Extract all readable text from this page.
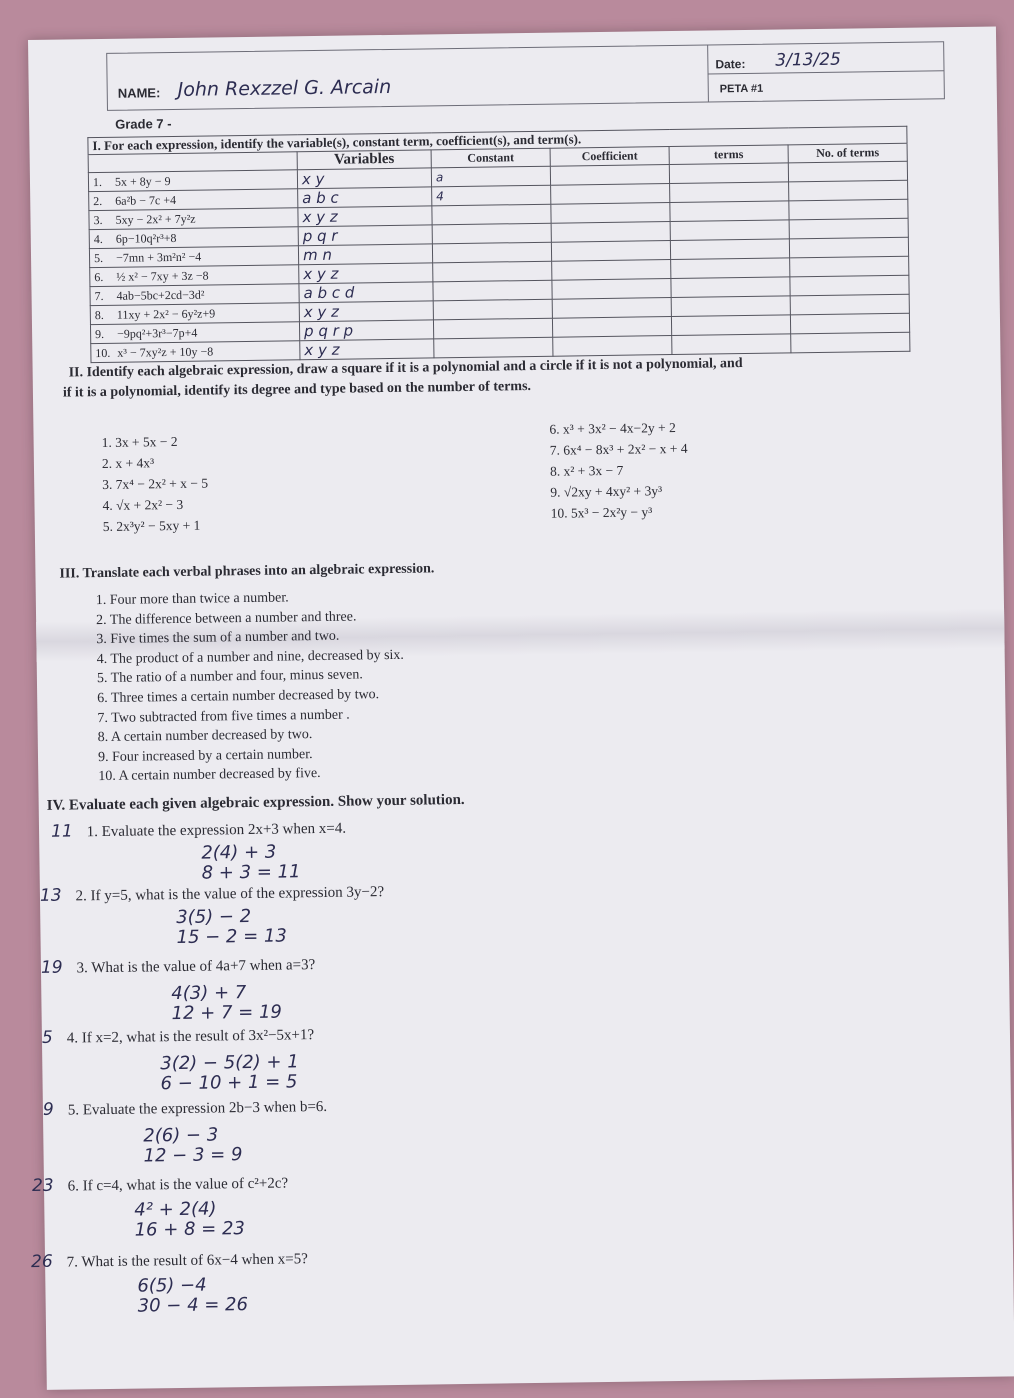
NAME: John Rexzzel G. Arcain
Date: 3/13/25
PETA #1
Grade 7 -
I. For each expression, identify the variable(s), constant term, coefficient(s), and term(s).					
	Variables	Constant	Coefficient	terms	No. of terms
1. 5x + 8y − 9	x y	a			
2. 6a²b − 7c +4	a b c	4			
3. 5xy − 2x² + 7y²z	x y z				
4. 6p−10q²r³+8	p q r				
5. −7mn + 3m²n² −4	m n				
6. ½ x² − 7xy + 3z −8	x y z				
7. 4ab−5bc+2cd−3d²	a b c d				
8. 11xy + 2x² − 6y²z+9	x y z				
9. −9pq²+3r³−7p+4	p q r p				
10. x³ − 7xy²z + 10y −8	x y z				
II. Identify each algebraic expression, draw a square if it is a polynomial and a circle if it is not a polynomial, and
if it is a polynomial, identify its degree and type based on the number of terms.
1. 3x + 5x − 2
2. x + 4x³
3. 7x⁴ − 2x² + x − 5
4. √x + 2x² − 3
5. 2x³y² − 5xy + 1
6. x³ + 3x² − 4x−2y + 2
7. 6x⁴ − 8x³ + 2x² − x + 4
8. x² + 3x − 7
9. √2xy + 4xy² + 3y³
10. 5x³ − 2x²y − y³
III. Translate each verbal phrases into an algebraic expression.
1. Four more than twice a number.
2. The difference between a number and three.
3. Five times the sum of a number and two.
4. The product of a number and nine, decreased by six.
5. The ratio of a number and four, minus seven.
6. Three times a certain number decreased by two.
7. Two subtracted from five times a number .
8. A certain number decreased by two.
9. Four increased by a certain number.
10. A certain number decreased by five.
IV. Evaluate each given algebraic expression. Show your solution.
11 1. Evaluate the expression 2x+3 when x=4.
2(4) + 3
8 + 3 = 11
13 2. If y=5, what is the value of the expression 3y−2?
3(5) − 2
15 − 2 = 13
19 3. What is the value of 4a+7 when a=3?
4(3) + 7
12 + 7 = 19
5 4. If x=2, what is the result of 3x²−5x+1?
3(2) − 5(2) + 1
6 − 10 + 1 = 5
9 5. Evaluate the expression 2b−3 when b=6.
2(6) − 3
12 − 3 = 9
23 6. If c=4, what is the value of c²+2c?
4² + 2(4)
16 + 8 = 23
26 7. What is the result of 6x−4 when x=5?
6(5) −4
30 − 4 = 26
